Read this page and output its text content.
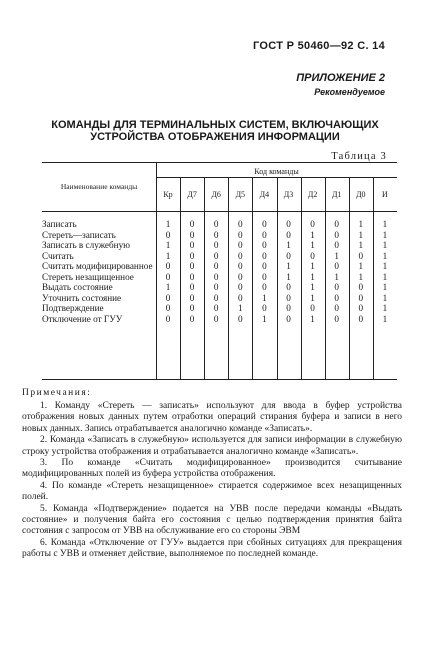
ГОСТ Р 50460—92 С. 14
ПРИЛОЖЕНИЕ 2
Рекомендуемое
КОМАНДЫ ДЛЯ ТЕРМИНАЛЬНЫХ СИСТЕМ, ВКЛЮЧАЮЩИХ
УСТРОЙСТВА ОТОБРАЖЕНИЯ ИНФОРМАЦИИ
Таблица 3
Наименование команды
Код команды
Кр	Д7	Д6	Д5	Д4	Д3	Д2	Д1	Д0	И
Записать	1	0	0	0	0	0	0	0	1	1
Стереть—записать	0	0	0	0	0	0	1	0	1	1
Записать в служебную	1	0	0	0	0	1	1	0	1	1
Считать	1	0	0	0	0	0	0	1	0	1
Считать модифицированное	0	0	0	0	0	1	1	0	1	1
Стереть незащищенное	0	0	0	0	0	1	1	1	1	1
Выдать состояние	1	0	0	0	0	0	1	0	0	1
Уточнить состояние	0	0	0	0	1	0	1	0	0	1
Подтверждение	0	0	0	1	0	0	0	0	0	1
Отключение от ГУУ	0	0	0	0	1	0	1	0	0	1
Примечания:

1. Команду «Стереть — записать» используют для ввода в буфер устройства отображения новых данных путем отработки операций стирания буфера и записи в него новых данных. Запись отрабатывается аналогично команде «Записать».

2. Команда «Записать в служебную» используется для записи информации в служебную строку устройства отображения и отрабатывается аналогично команде «Записать».

3. По команде «Считать модифицированное» производится считывание модифицированных полей из буфера устройства отображения.

4. По команде «Стереть незащищенное» стирается содержимое всех незащищенных полей.

5. Команда «Подтверждение» подается на УВВ после передачи команды «Выдать состояние» и получения байта его состояния с целью подтверждения принятия байта состояния с запросом от УВВ на обслуживание его со стороны ЭВМ

6. Команда «Отключение от ГУУ» выдается при сбойных ситуациях для прекращения работы с УВВ и отменяет действие, выполняемое по последней команде.
